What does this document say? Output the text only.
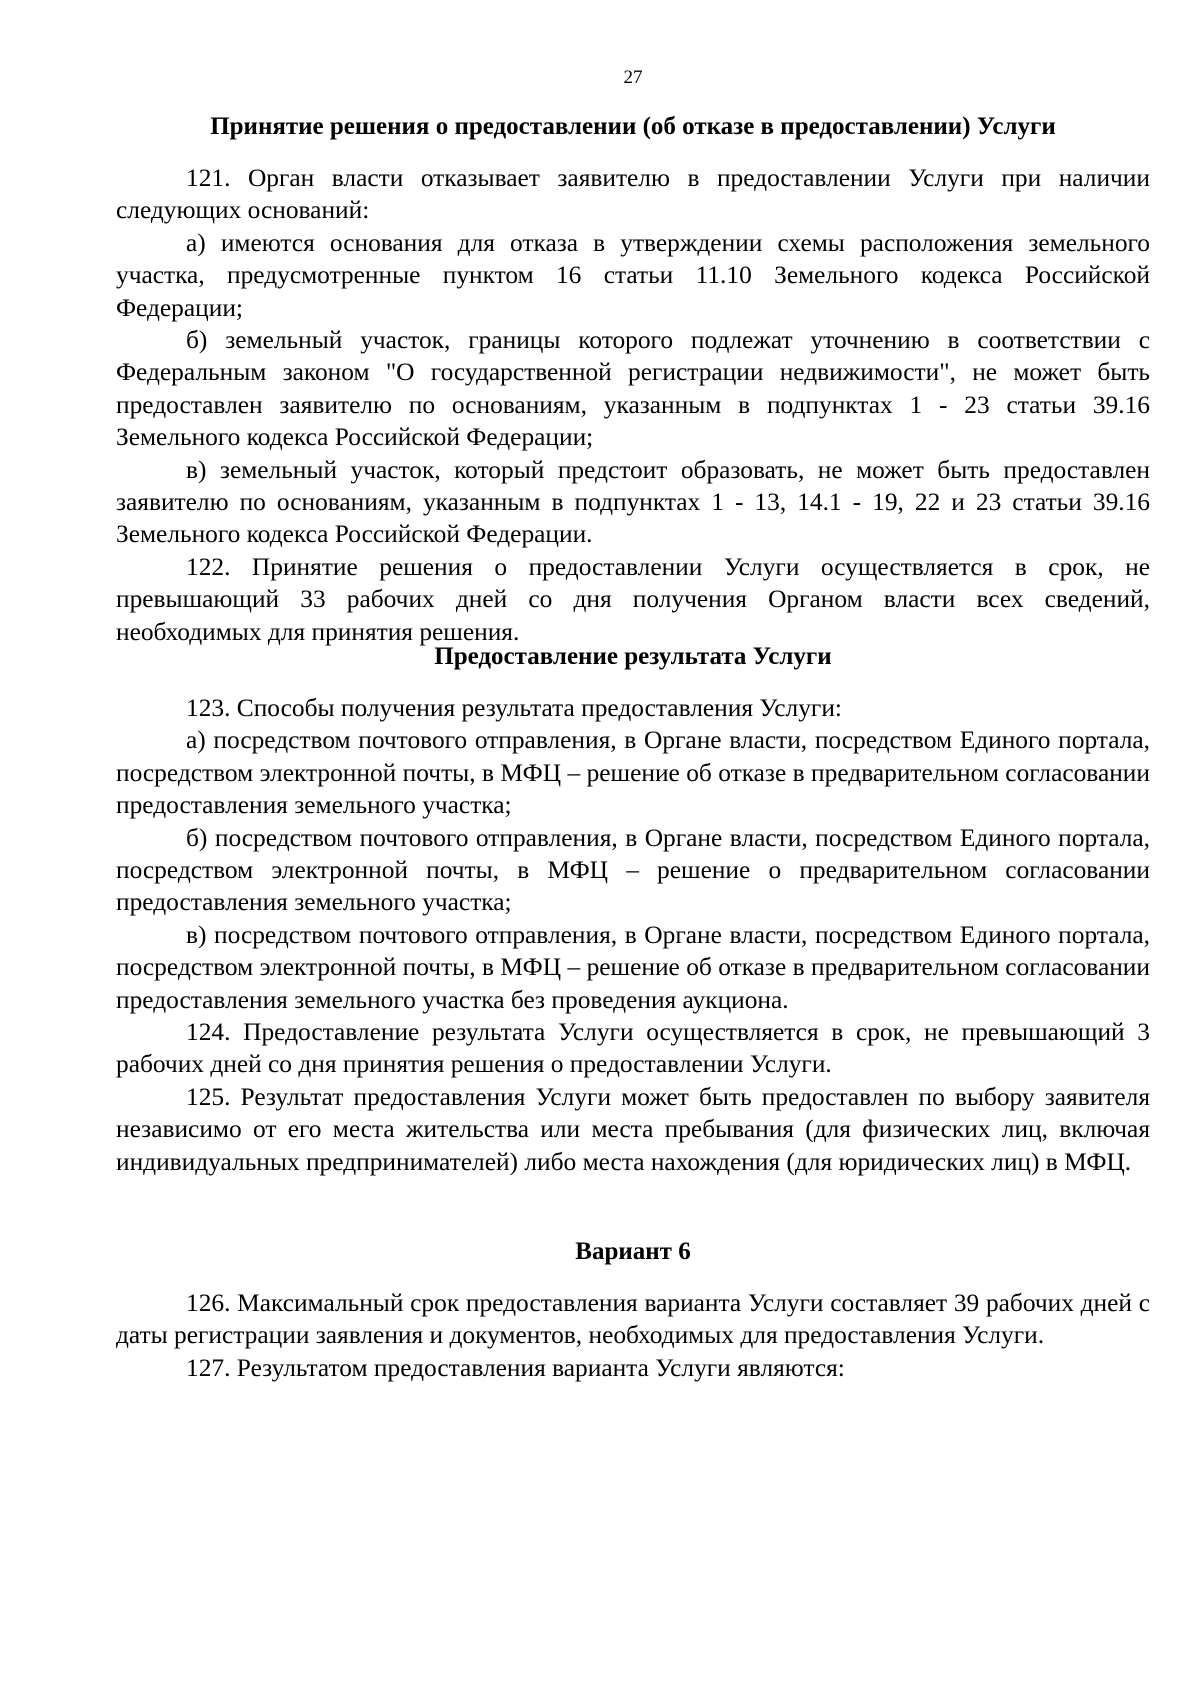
27

Принятие решения о предоставлении (об отказе в предоставлении) Услуги

121. Орган власти отказывает заявителю в предоставлении Услуги при наличии следующих оснований:

а) имеются основания для отказа в утверждении схемы расположения земельного участка, предусмотренные пунктом 16 статьи 11.10 Земельного кодекса Российской Федерации;

б) земельный участок, границы которого подлежат уточнению в соответствии с Федеральным законом "О государственной регистрации недвижимости", не может быть предоставлен заявителю по основаниям, указанным в подпунктах 1 - 23 статьи 39.16 Земельного кодекса Российской Федерации;

в) земельный участок, который предстоит образовать, не может быть предоставлен заявителю по основаниям, указанным в подпунктах 1 - 13, 14.1 - 19, 22 и 23 статьи 39.16 Земельного кодекса Российской Федерации.

122. Принятие решения о предоставлении Услуги осуществляется в срок, не превышающий 33 рабочих дней со дня получения Органом власти всех сведений, необходимых для принятия решения.

Предоставление результата Услуги

123. Способы получения результата предоставления Услуги:

а) посредством почтового отправления, в Органе власти, посредством Единого портала, посредством электронной почты, в МФЦ – решение об отказе в предварительном согласовании предоставления земельного участка;

б) посредством почтового отправления, в Органе власти, посредством Единого портала, посредством электронной почты, в МФЦ – решение о предварительном согласовании предоставления земельного участка;

в) посредством почтового отправления, в Органе власти, посредством Единого портала, посредством электронной почты, в МФЦ – решение об отказе в предварительном согласовании предоставления земельного участка без проведения аукциона.

124. Предоставление результата Услуги осуществляется в срок, не превышающий 3 рабочих дней со дня принятия решения о предоставлении Услуги.

125. Результат предоставления Услуги может быть предоставлен по выбору заявителя независимо от его места жительства или места пребывания (для физических лиц, включая индивидуальных предпринимателей) либо места нахождения (для юридических лиц) в МФЦ.

Вариант 6

126. Максимальный срок предоставления варианта Услуги составляет 39 рабочих дней с даты регистрации заявления и документов, необходимых для предоставления Услуги.

127. Результатом предоставления варианта Услуги являются:
